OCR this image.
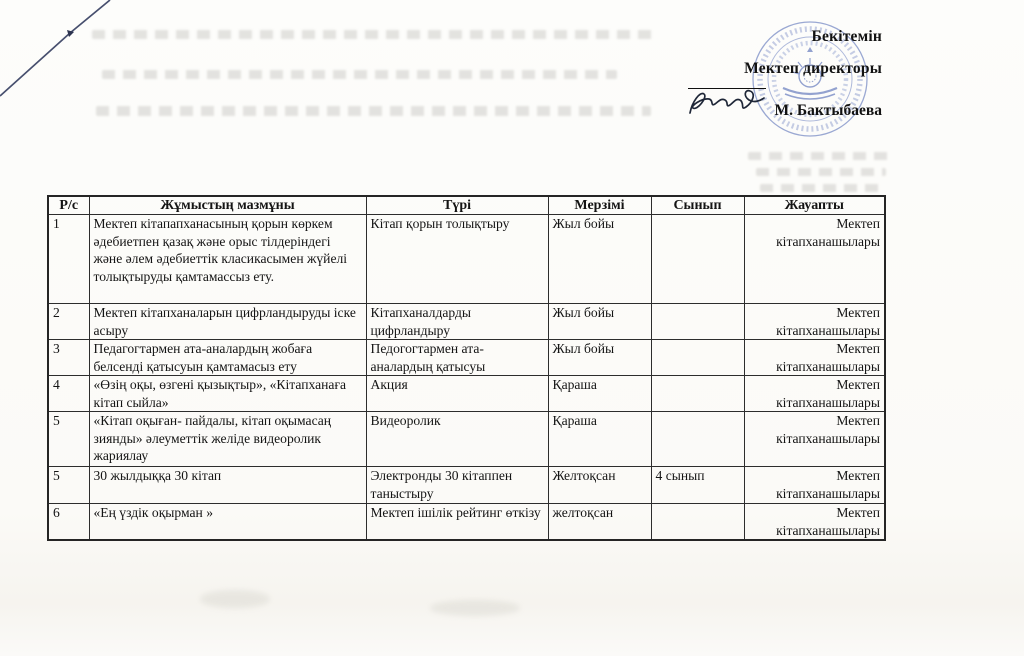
Бекітемін
Мектеп директоры
М. Бактыбаева
Р/с	Жұмыстың мазмұны	Түрі	Мерзімі	Сынып	Жауапты
1	Мектеп кітапапханасының қорын көркем әдебиетпен қазақ және орыс тілдеріндегі және әлем әдебиеттік класикасымен жүйелі толықтыруды қамтамассыз ету.	Кітап қорын толықтыру	Жыл бойы		Мектеп кітапханашылары
2	Мектеп кітапханаларын цифрландыруды іске асыру	Кітапханалдарды цифрландыру	Жыл бойы		Мектеп кітапханашылары
3	Педагогтармен ата-аналардың жобаға белсенді қатысуын қамтамасыз ету	Педогогтармен ата-аналардың қатысуы	Жыл бойы		Мектеп кітапханашылары
4	«Өзің оқы, өзгені қызықтыр», «Кітапханаға кітап сыйла»	Акция	Қараша		Мектеп кітапханашылары
5	«Кітап оқыған- пайдалы, кітап оқымасаң зиянды» әлеуметтік желіде видеоролик жариялау	Видеоролик	Қараша		Мектеп кітапханашылары
5	30 жылдыққа 30 кітап	Электронды 30 кітаппен таныстыру	Желтоқсан	4 сынып	Мектеп кітапханашылары
6	«Ең үздік оқырман »	Мектеп ішілік рейтинг өткізу	желтоқсан		Мектеп кітапханашылары
